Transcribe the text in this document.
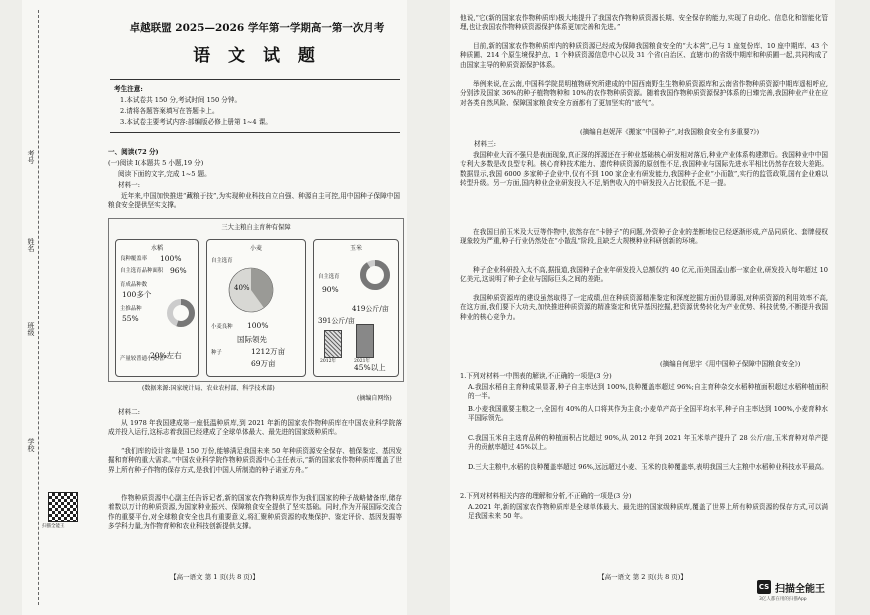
考号
姓名
班级
学校
扫描全能王
卓越联盟 2025—2026 学年第一学期高一第一次月考
语 文 试 题
考生注意:
1.本试卷共 150 分,考试时间 150 分钟。
2.请将各题答案填写在答题卡上。
3.本试卷主要考试内容:部编版必修上册第 1~4 课。
一、阅读(72 分)
(一)阅读 I(本题共 5 小题,19 分)
阅读下面的文字,完成 1~5 题。
材料一:
近年来,中国加快推进“藏粮于技”,为实现种业科技自立自强、种源自主可控,用中国种子保障中国粮食安全提供坚实支撑。
三大主粮自主育种有保障
水稻
良种覆盖率 100%
自主选育品种面积 96%
育成品种数
100多个
主推品种
55%
产量较普通小麦增产
20%左右
小麦
自主选育
40%
小麦良种 100%
国际领先
种子	1212万亩
69万亩
玉米
自主选育
90%
419公斤/亩
391公斤/亩
2012年	2021年
45%以上
(数据来源:国家统计局、农业农村部、科学技术部)
(摘编自网络)
材料二:
从 1978 年我国建成第一座低温种质库,到 2021 年新的国家农作物种质库在中国农业科学院落成并投入运行,这标志着我国已经建成了全球单体最大、最先进的国家级种质库。
“我们库的设计容量是 150 万份,能够满足我国未来 50 年种质资源安全保存、植保鉴定、基因发掘和育种的重大需求。”中国农业科学院作物种质资源中心主任表示,“新的国家农作物种质库覆盖了世界上所有种子作物的保存方式,是我们中国人所制造的种子诺亚方舟。”
作物种质资源中心副主任告诉记者,新的国家农作物种质库作为我们国家的种子战略储备库,储存着数以万计的种质资源,为国家种业振兴、保障粮食安全提供了坚实基础。同时,作为开展国际交流合作的重要平台,对全球粮食安全也具有重要意义,将汇聚种质资源的收集保护、鉴定评价、基因发掘等多学科力量,为作物育种和农业科技创新提供支撑。
【高一语文 第 1 页(共 8 页)】
他说,“它(新的国家农作物种质库)极大地提升了我国农作物种质资源长期、安全保存的能力,实现了自动化、信息化和智能化管理,也让我国农作物种质资源保护体系更加完善和先进。”
目前,新的国家农作物种质库内的种质资源已经成为保障我国粮食安全的“大本营”,已与 1 座复份库、10 座中期库、43 个种质圃、214 个原生境保护点、1 个种质资源信息中心以及 31 个省(自治区、直辖市)的省级中期库和种质圃一起,共同构成了由国家主导的种质资源保护体系。
举例来说,在云南,中国科学院昆明植物研究所建成的中国西南野生生物种质资源库和云南省作物种质资源中期库遥相呼应,分别涉及国家 36%的种子植物物种和 10%的农作物种质资源。随着我国作物种质资源保护体系的日臻完善,我国种业产业在应对各类自然风险、保障国家粮食安全方面都有了更加坚实的“底气”。
(摘编自赵妮萍《搬家“中国种子”,对我国粮食安全有多重要?》)
材料三:
我国种业大而不强只是表面现象,真正深的挥源还在于种业基础核心研发相对落后,种业产业体系构建滞后。我国种业中中国专利大多数是改良型专利。核心育种技术能力、遗传种质资源的原创性不足,我国种业与国际先进水平相比仍然存在较大差距。数据显示,我国 6000 多家种子企业中,仅有不到 100 家企业有研发能力,我国种子企业“小而散”,实行的监管政策,国有企业难以转型升级。另一方面,国内种业企业研发投入不足,销售收入的中研发投入占比很低,不足一提。
在我国目前玉米及大豆等作物中,依然存在“卡脖子”的问题,外资种子企业的垄断地位已经逐渐形成,产品同质化、套牌侵权现象较为严重,种子行业仍然处在“小散乱”阶段,且缺乏大规模种业科研创新的环境。
种子企业科研投入太不高,据报道,我国种子企业年研发投入总额仅约 40 亿元,而美国孟山都一家企业,研发投入每年超过 10 亿美元,这说明了种子企业与国际巨头之间的差距。
我国种质资源库的建设虽然取得了一定成绩,但在种质资源精准鉴定和深度挖掘方面仍显薄弱,对种质资源的利用效率不高,在这方面,我们要下大功夫,加快推进种质资源的精准鉴定和优异基因挖掘,把资源优势转化为产业优势、科技优势,不断提升我国种业的核心竞争力。
(摘编自何思宇《用中国种子保障中国粮食安全》)
1.下列对材料一中图表的解读,不正确的一项是(3 分)
A.我国水稻自主育种成果显著,种子自主率达到 100%,良种覆盖率超过 96%;自主育种杂交水稻种植面积超过水稻种植面积的一半。
B.小麦我国重要主粮之一,全国有 40%的人口将其作为主食;小麦单产高于全国平均水平,种子自主率达到 100%,小麦育种水平国际领先。
C.我国玉米自主选育品种的种植面积占比超过 90%,从 2012 年到 2021 年玉米单产提升了 28 公斤/亩,玉米育种对单产提升的贡献率超过 45%以上。
D.三大主粮中,水稻的良种覆盖率超过 96%,远远超过小麦、玉米的良种覆盖率,表明我国三大主粮中水稻种业科技水平最高。
2.下列对材料相关内容的理解和分析,不正确的一项是(3 分)
A.2021 年,新的国家农作物种质库是全球单体最大、最先进的国家级种质库,覆盖了世界上所有种质资源的保存方式,可以满足我国未来 50 年。
【高一语文 第 2 页(共 8 页)】
CS 扫描全能王
3亿人都在用的扫描App
